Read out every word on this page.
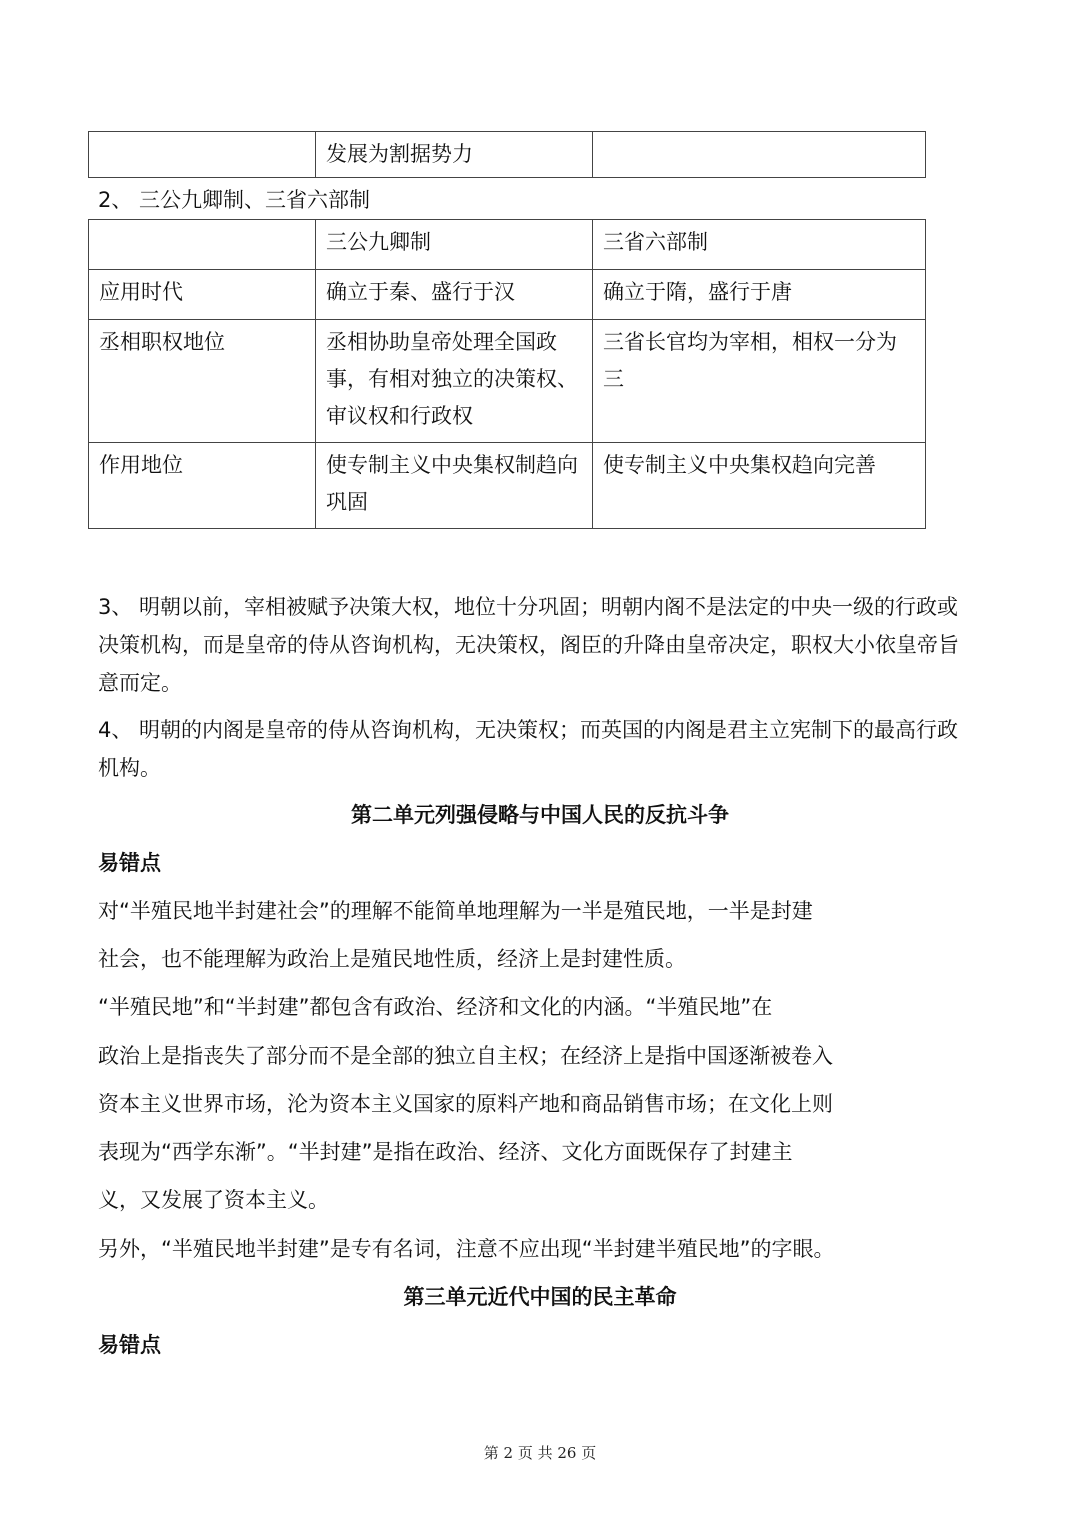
	发展为割据势力	
2、 三公九卿制、三省六部制
	三公九卿制	三省六部制
应用时代	确立于秦、盛行于汉	确立于隋，盛行于唐
丞相职权地位	丞相协助皇帝处理全国政事，有相对独立的决策权、审议权和行政权	三省长官均为宰相，相权一分为三
作用地位	使专制主义中央集权制趋向巩固	使专制主义中央集权趋向完善
3、 明朝以前，宰相被赋予决策大权，地位十分巩固；明朝内阁不是法定的中央一级的行政或决策机构，而是皇帝的侍从咨询机构，无决策权，阁臣的升降由皇帝决定，职权大小依皇帝旨意而定。
4、 明朝的内阁是皇帝的侍从咨询机构，无决策权；而英国的内阁是君主立宪制下的最高行政机构。
第二单元列强侵略与中国人民的反抗斗争
易错点
对“半殖民地半封建社会”的理解不能简单地理解为一半是殖民地，一半是封建
社会，也不能理解为政治上是殖民地性质，经济上是封建性质。
“半殖民地”和“半封建”都包含有政治、经济和文化的内涵。“半殖民地”在
政治上是指丧失了部分而不是全部的独立自主权；在经济上是指中国逐渐被卷入
资本主义世界市场，沦为资本主义国家的原料产地和商品销售市场；在文化上则
表现为“西学东渐”。“半封建”是指在政治、经济、文化方面既保存了封建主
义，又发展了资本主义。
另外，“半殖民地半封建”是专有名词，注意不应出现“半封建半殖民地”的字眼。
第三单元近代中国的民主革命
易错点
第 2 页 共 26 页
